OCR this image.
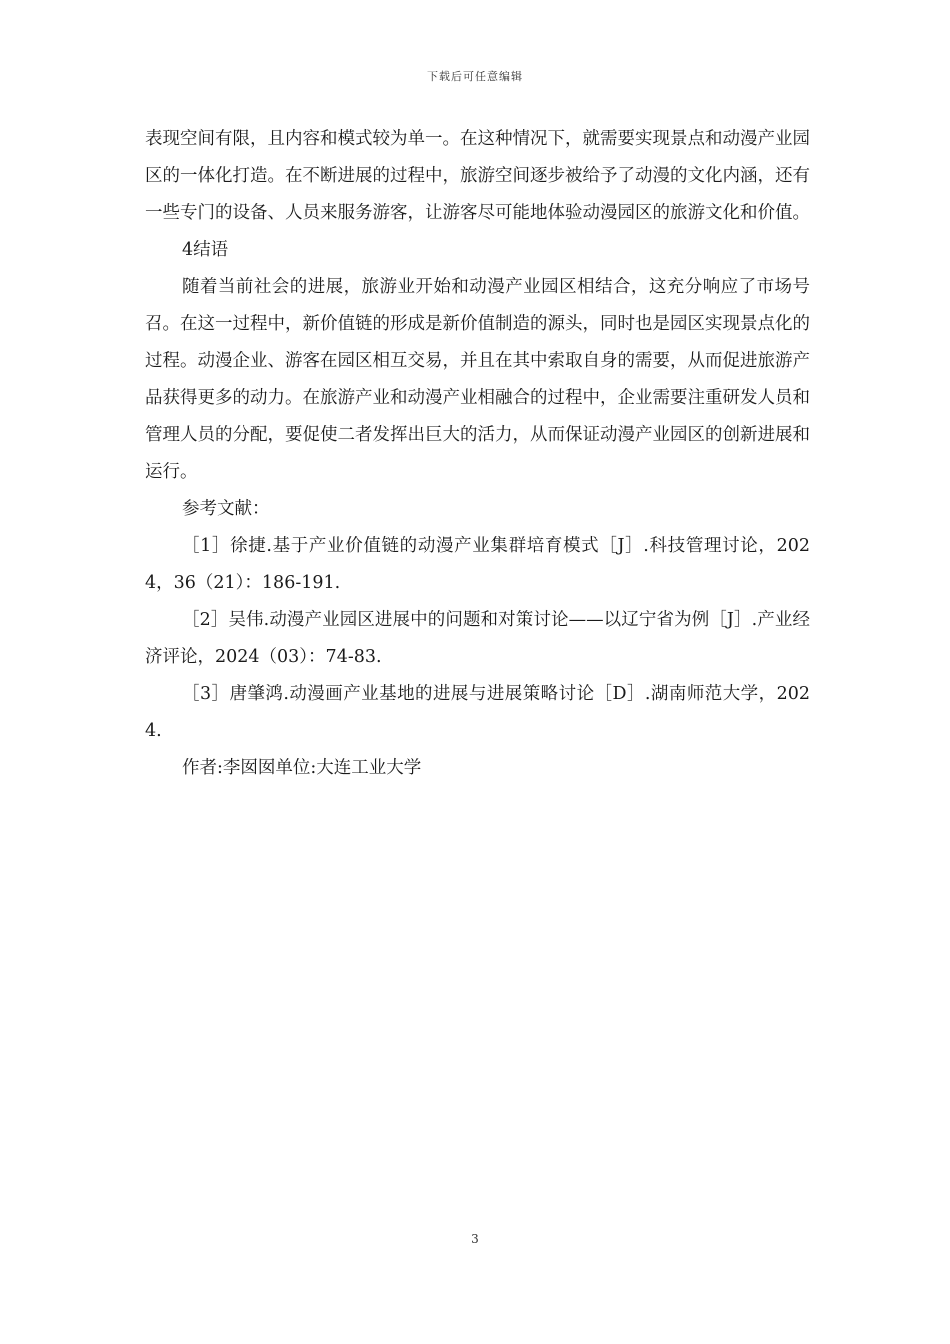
下载后可任意编辑

表现空间有限，且内容和模式较为单一。在这种情况下，就需要实现景点和动漫产业园区的一体化打造。在不断进展的过程中，旅游空间逐步被给予了动漫的文化内涵，还有一些专门的设备、人员来服务游客，让游客尽可能地体验动漫园区的旅游文化和价值。

4结语

随着当前社会的进展，旅游业开始和动漫产业园区相结合，这充分响应了市场号召。在这一过程中，新价值链的形成是新价值制造的源头，同时也是园区实现景点化的过程。动漫企业、游客在园区相互交易，并且在其中索取自身的需要，从而促进旅游产品获得更多的动力。在旅游产业和动漫产业相融合的过程中，企业需要注重研发人员和管理人员的分配，要促使二者发挥出巨大的活力，从而保证动漫产业园区的创新进展和运行。

参考文献：

［1］徐捷.基于产业价值链的动漫产业集群培育模式［J］.科技管理讨论，2024，36（21）：186-191.

［2］吴伟.动漫产业园区进展中的问题和对策讨论——以辽宁省为例［J］.产业经济评论，2024（03）：74-83.

［3］唐肇鸿.动漫画产业基地的进展与进展策略讨论［D］.湖南师范大学，2024.

作者:李囡囡单位:大连工业大学

3
